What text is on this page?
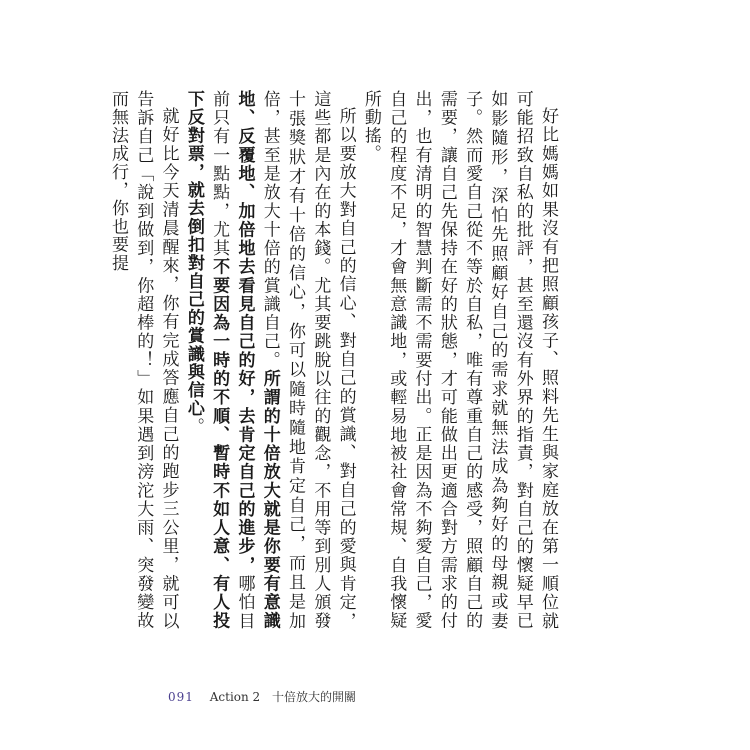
好比媽媽如果沒有把照顧孩子、照料先生與家庭放在第一順位就可能招致自私的批評，甚至還沒有外界的指責，對自己的懷疑早已如影隨形，深怕先照顧好自己的需求就無法成為夠好的母親或妻子。然而愛自己從不等於自私，唯有尊重自己的感受，照顧自己的需要，讓自己先保持在好的狀態，才可能做出更適合對方需求的付出，也有清明的智慧判斷需不需要付出。正是因為不夠愛自己，愛自己的程度不足，才會無意識地，或輕易地被社會常規、自我懷疑所動搖。

所以要放大對自己的信心、對自己的賞識、對自己的愛與肯定，這些都是內在的本錢。尤其要跳脫以往的觀念，不用等到別人頒發十張獎狀才有十倍的信心，你可以隨時隨地肯定自己，而且是加倍，甚至是放大十倍的賞識自己。所謂的十倍放大就是你要有意識地、反覆地、加倍地去看見自己的好，去肯定自己的進步，哪怕目前只有一點點，尤其不要因為一時的不順、暫時不如人意、有人投下反對票，就去倒扣對自己的賞識與信心。

就好比今天清晨醒來，你有完成答應自己的跑步三公里，就可以告訴自己「說到做到，你超棒的！」如果遇到滂沱大雨、突發變故而無法成行，你也要提

091 Action 2 十倍放大的開關
